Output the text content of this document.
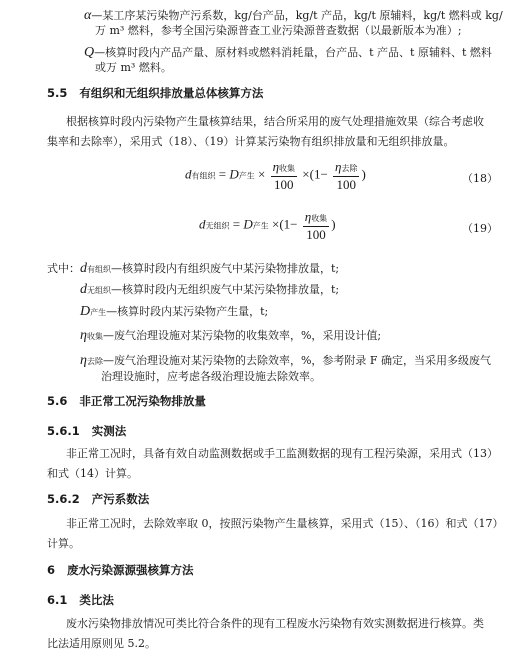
α—某工序某污染物产污系数，kg/台产品，kg/t 产品，kg/t 原辅料，kg/t 燃料或 kg/
万 m³ 燃料，参考全国污染源普查工业污染源普查数据（以最新版本为准）;
Q—核算时段内产品产量、原材料或燃料消耗量，台产品、t 产品、t 原辅料、t 燃料
或万 m³ 燃料。
5.5 有组织和无组织排放量总体核算方法
根据核算时段内污染物产生量核算结果，结合所采用的废气处理措施效果（综合考虑收
集率和去除率），采用式（18）、（19）计算某污染物有组织排放量和无组织排放量。
d有组织 = D产生 × $\frac{\text{η收集}}{100} \times(1- \frac{\text{η去除}}{100}$ )	（18）
d无组织 = D产生 $\times(1- \frac{\text{η收集}}{100}$ )	（19）
式中：d有组织—核算时段内有组织废气中某污染物排放量，t;
d无组织—核算时段内无组织废气中某污染物排放量，t;
D产生—核算时段内某污染物产生量，t;
η收集—废气治理设施对某污染物的收集效率，%，采用设计值;
η去除—废气治理设施对某污染物的去除效率，%，参考附录 F 确定，当采用多级废气
治理设施时，应考虑各级治理设施去除效率。
5.6 非正常工况污染物排放量
5.6.1 实测法
非正常工况时，具备有效自动监测数据或手工监测数据的现有工程污染源，采用式（13）
和式（14）计算。
5.6.2 产污系数法
非正常工况时，去除效率取 0，按照污染物产生量核算，采用式（15）、（16）和式（17）
计算。
6 废水污染源源强核算方法
6.1 类比法
废水污染物排放情况可类比符合条件的现有工程废水污染物有效实测数据进行核算。类
比法适用原则见 5.2。
